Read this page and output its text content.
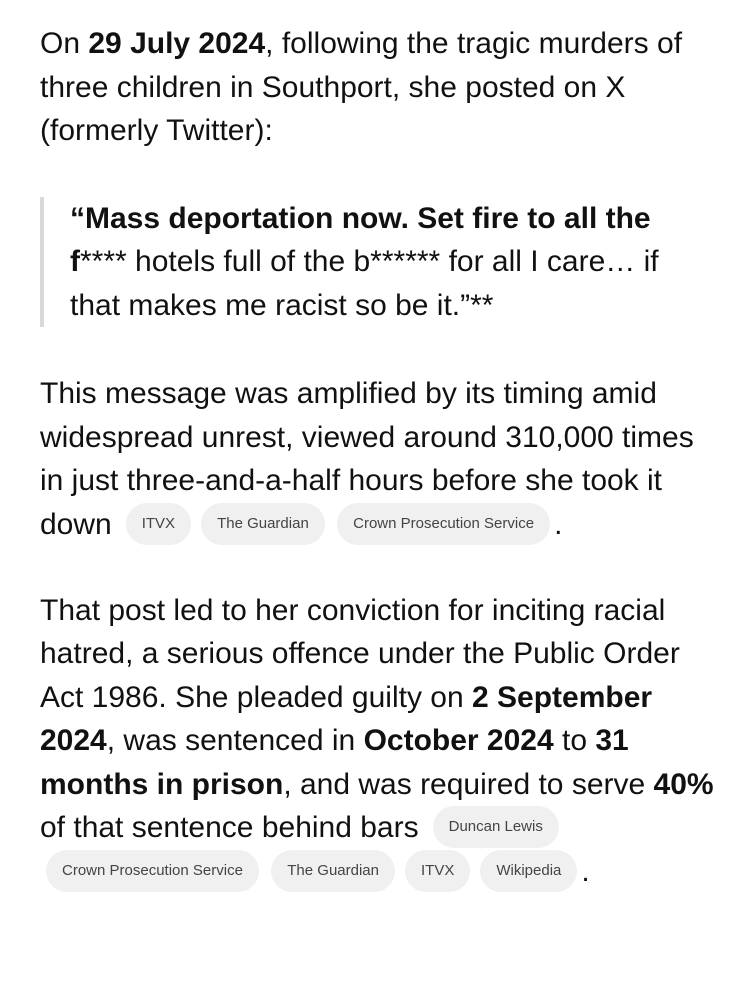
On 29 July 2024, following the tragic murders of three children in Southport, she posted on X (formerly Twitter):

“Mass deportation now. Set fire to all the f**** hotels full of the b****** for all I care… if that makes me racist so be it.”**

This message was amplified by its timing amid widespread unrest, viewed around 310,000 times in just three-and-a-half hours before she took it down ITVX	The Guardian	Crown Prosecution Service .

That post led to her conviction for inciting racial hatred, a serious offence under the Public Order Act 1986. She pleaded guilty on 2 September 2024, was sentenced in October 2024 to 31 months in prison, and was required to serve 40% of that sentence behind bars Duncan LewisCrown Prosecution Service	The Guardian	ITVX	Wikipedia .
